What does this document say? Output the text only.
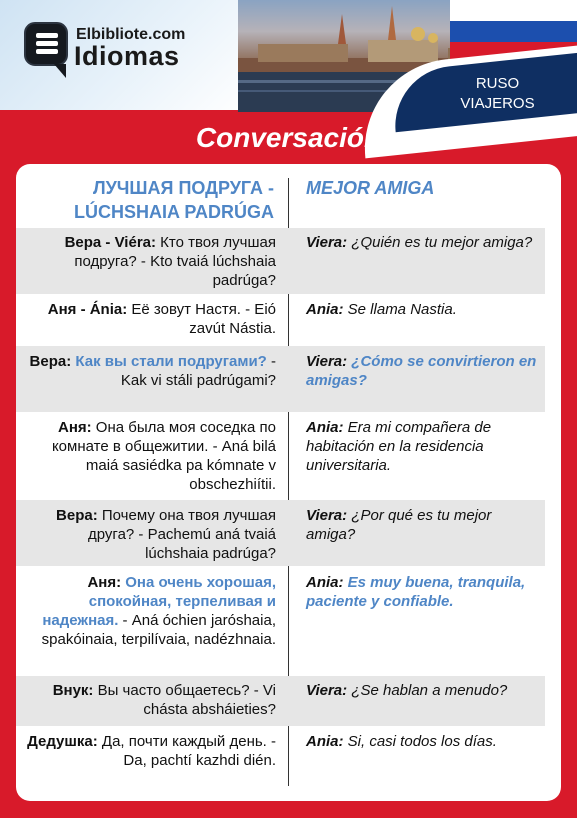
RUSO
VIAJEROS
Elbibliote.com
Idiomas
Conversación
ЛУЧШАЯ ПОДРУГА - LÚCHSHAIA PADRÚGA
MEJOR AMIGA
Вера - Viéra: Кто твоя лучшая подруга? - Kto tvaiá lúchshaia padrúga?
Viera: ¿Quién es tu mejor amiga?
Аня - Ánia: Её зовут Настя. - Eió zavút Nástia.
Ania: Se llama Nastia.
Вера: Как вы стали подругами? - Kak vi stáli padrúgami?
Viera: ¿Cómo se convirtieron en amigas?
Аня: Она была моя соседка по комнате в общежитии. - Aná bilá maiá sasiédka pa kómnate v obschezhiítii.
Ania: Era mi compañera de habitación en la residencia universitaria.
Вера: Почему она твоя лучшая друга? - Pachemú aná tvaiá lúchshaia padrúga?
Viera: ¿Por qué es tu mejor amiga?
Аня: Она очень хорошая, спокойная, терпеливая и надежная. - Aná óchien jaróshaia, spakóinaia, terpilívaia, nadézhnaia.
Ania: Es muy buena, tranquila, paciente y confiable.
Внук: Вы часто общаетесь? - Vi chásta absháieties?
Viera: ¿Se hablan a menudo?
Дедушка: Да, почти каждый день. - Da, pachtí kazhdi dién.
Ania: Si, casi todos los días.
